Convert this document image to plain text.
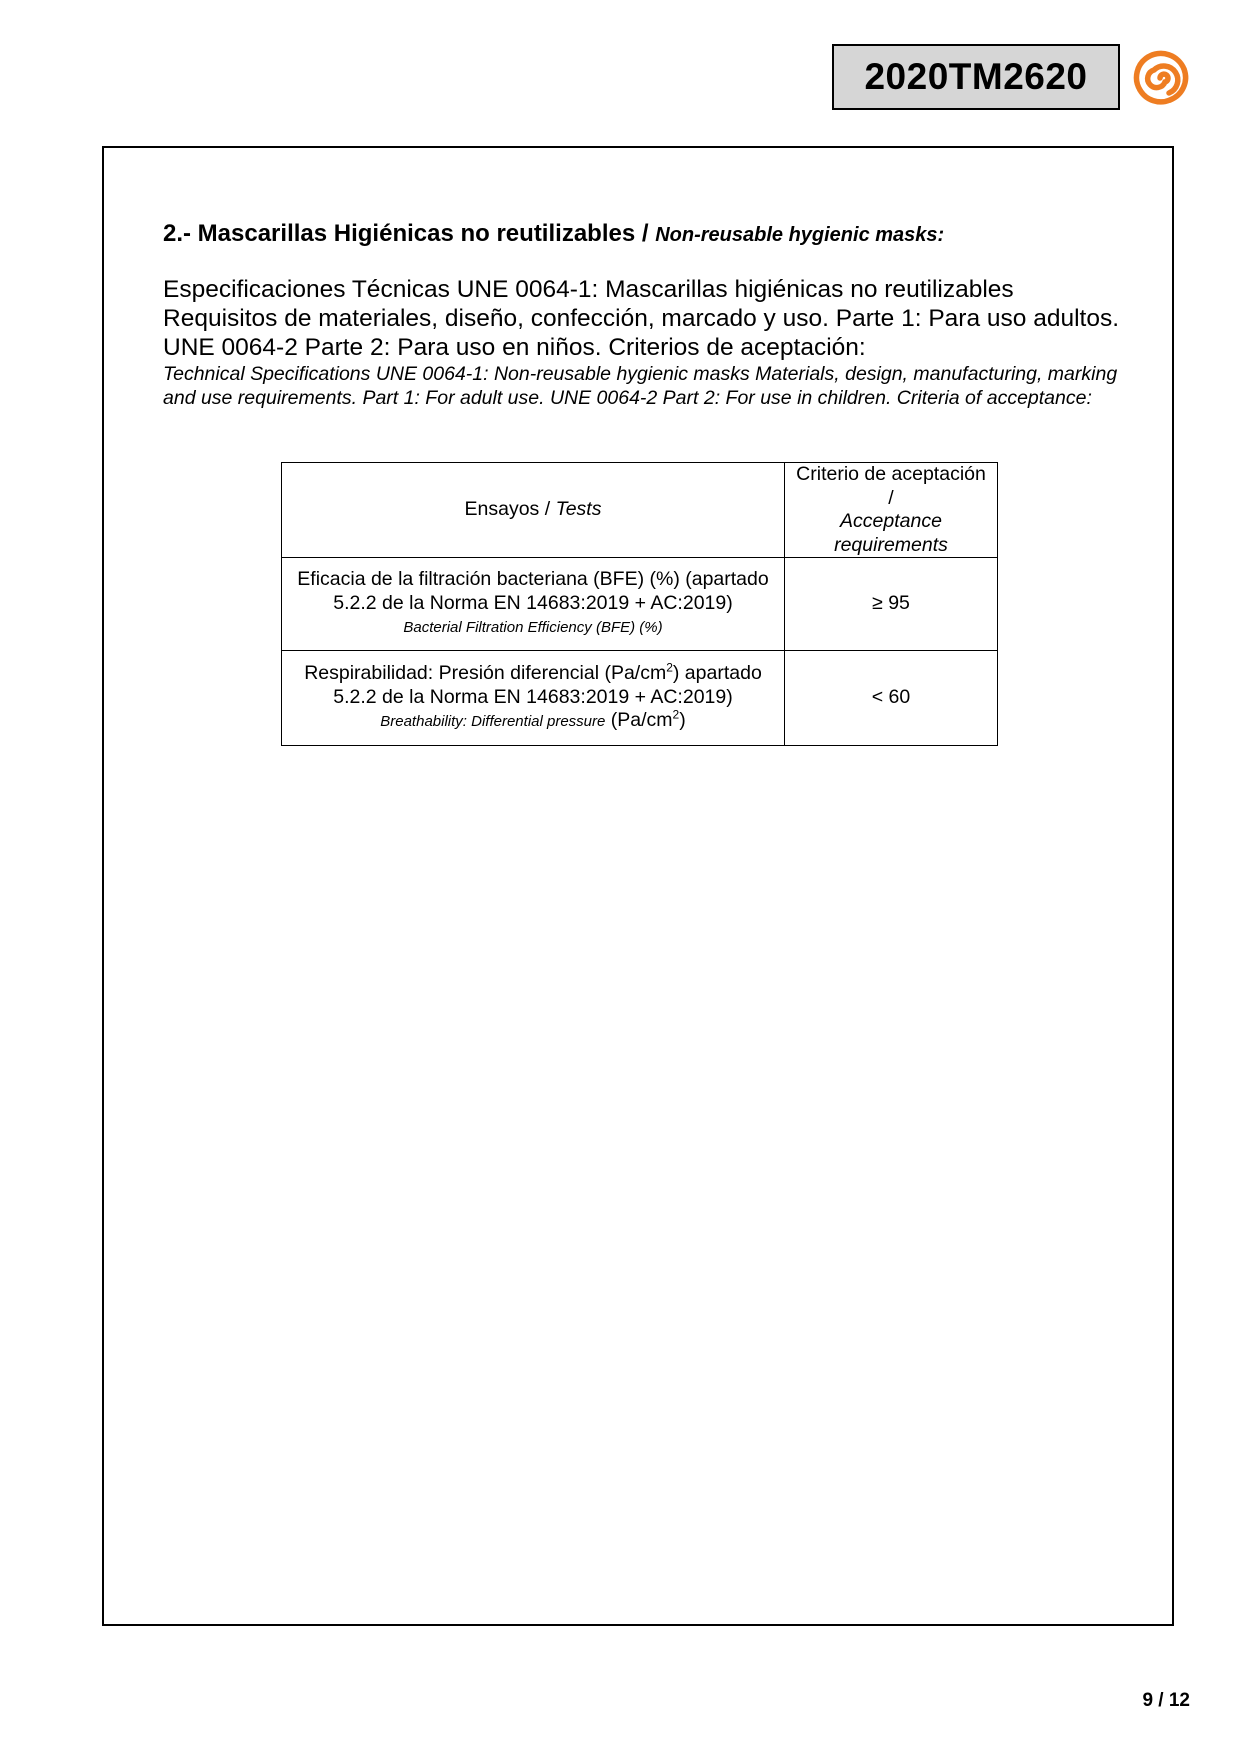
2020TM2620
2.- Mascarillas Higiénicas no reutilizables / Non-reusable hygienic masks:
Especificaciones Técnicas UNE 0064-1: Mascarillas higiénicas no reutilizables Requisitos de materiales, diseño, confección, marcado y uso. Parte 1: Para uso adultos. UNE 0064-2 Parte 2: Para uso en niños. Criterios de aceptación:
Technical Specifications UNE 0064-1: Non-reusable hygienic masks Materials, design, manufacturing, marking and use requirements. Part 1: For adult use. UNE 0064-2 Part 2: For use in children. Criteria of acceptance:
Ensayos / Tests	Criterio de aceptación /
Acceptance requirements
Eficacia de la filtración bacteriana (BFE) (%) (apartado 5.2.2 de la Norma EN 14683:2019 + AC:2019)
Bacterial Filtration Efficiency (BFE) (%)	≥ 95
Respirabilidad: Presión diferencial $(Pa/cm^2)$ apartado 5.2.2 de la Norma EN 14683:2019 + AC:2019)
Breathability: Differential pressure $(Pa/cm^2)$	< 60
9 / 12
